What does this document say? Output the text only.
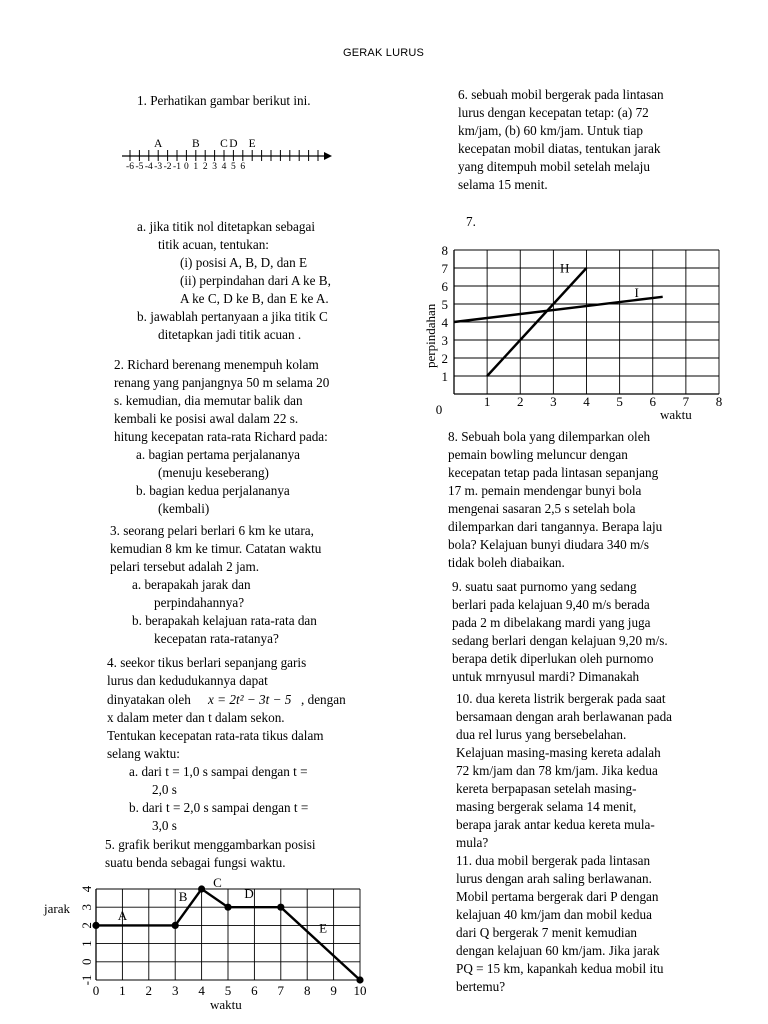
GERAK LURUS
1. Perhatikan gambar berikut ini.
-6 -5 -4 -3 -2 -1 0 1 2 3 4 5 6
A	B C D E
a. jika titik nol ditetapkan sebagai
titik acuan, tentukan:
(i) posisi A, B, D, dan E
(ii) perpindahan dari A ke B,
A ke C, D ke B, dan E ke A.
b. jawablah pertanyaan a jika titik C
ditetapkan jadi titik acuan .
2. Richard berenang menempuh kolam
renang yang panjangnya 50 m selama 20
s. kemudian, dia memutar balik dan
kembali ke posisi awal dalam 22 s.
hitung kecepatan rata-rata Richard pada:
a. bagian pertama perjalananya
(menuju keseberang)
b. bagian kedua perjalananya
(kembali)
3. seorang pelari berlari 6 km ke utara,
kemudian 8 km ke timur. Catatan waktu
pelari tersebut adalah 2 jam.
a. berapakah jarak dan
perpindahannya?
b. berapakah kelajuan rata-rata dan
kecepatan rata-ratanya?
4. seekor tikus berlari sepanjang garis
lurus dan kedudukannya dapat
dinyatakan oleh x = 2t² − 3t − 5 , dengan
x dalam meter dan t dalam sekon.
Tentukan kecepatan rata-rata tikus dalam
selang waktu:
a. dari t = 1,0 s sampai dengan t =
2,0 s
b. dari t = 2,0 s sampai dengan t =
3,0 s
5. grafik berikut menggambarkan posisi
suatu benda sebagai fungsi waktu.
0 1 2 3 4 5 6 7 8 9 10
-1
0
1
2
3
4
A
B
C
D
E
waktu
jarak
6. sebuah mobil bergerak pada lintasan
lurus dengan kecepatan tetap: (a) 72
km/jam, (b) 60 km/jam. Untuk tiap
kecepatan mobil diatas, tentukan jarak
yang ditempuh mobil setelah melaju
selama 15 menit.
7.
0
1 2 3 4 5 6 7 8
1
2
3
4
5
6
7
8
H
I
waktu
perpindahan
8. Sebuah bola yang dilemparkan oleh
pemain bowling meluncur dengan
kecepatan tetap pada lintasan sepanjang
17 m. pemain mendengar bunyi bola
mengenai sasaran 2,5 s setelah bola
dilemparkan dari tangannya. Berapa laju
bola? Kelajuan bunyi diudara 340 m/s
tidak boleh diabaikan.
9. suatu saat purnomo yang sedang
berlari pada kelajuan 9,40 m/s berada
pada 2 m dibelakang mardi yang juga
sedang berlari dengan kelajuan 9,20 m/s.
berapa detik diperlukan oleh purnomo
untuk mrnyusul mardi? Dimanakah
10. dua kereta listrik bergerak pada saat
bersamaan dengan arah berlawanan pada
dua rel lurus yang bersebelahan.
Kelajuan masing-masing kereta adalah
72 km/jam dan 78 km/jam. Jika kedua
kereta berpapasan setelah masing-
masing bergerak selama 14 menit,
berapa jarak antar kedua kereta mula-
mula?
11. dua mobil bergerak pada lintasan
lurus dengan arah saling berlawanan.
Mobil pertama bergerak dari P dengan
kelajuan 40 km/jam dan mobil kedua
dari Q bergerak 7 menit kemudian
dengan kelajuan 60 km/jam. Jika jarak
PQ = 15 km, kapankah kedua mobil itu
bertemu?
